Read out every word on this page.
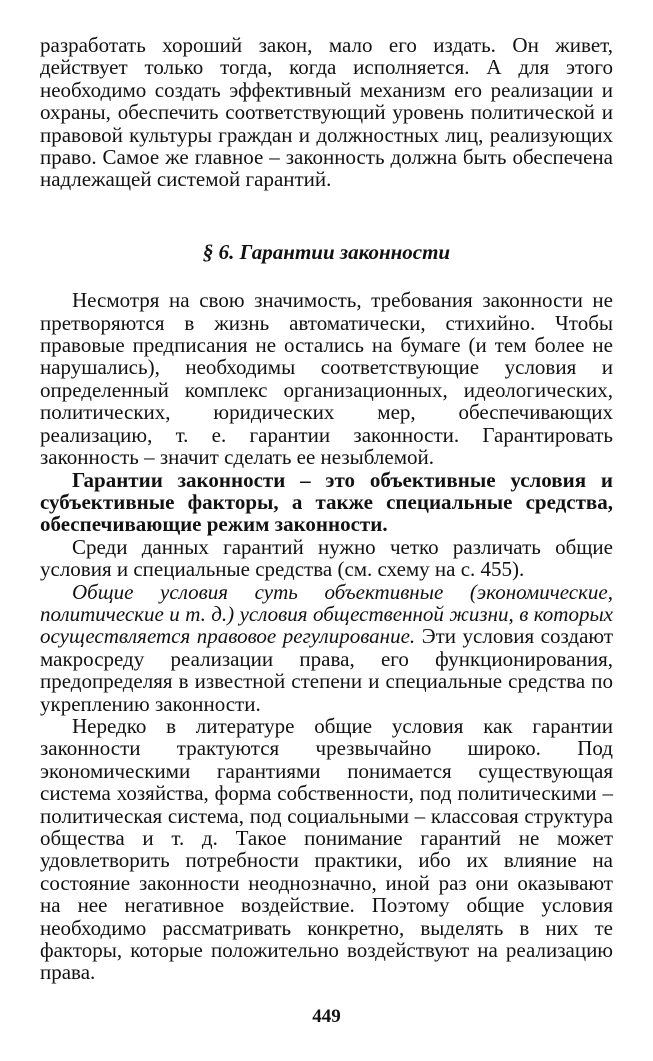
разработать хороший закон, мало его издать. Он живет, действует только тогда, когда исполняется. А для этого необходимо создать эффективный механизм его реализации и охраны, обеспечить соответствующий уровень политической и правовой культуры граждан и должностных лиц, реализующих право. Самое же главное – законность должна быть обеспечена надлежащей системой гарантий.

§ 6. Гарантии законности

Несмотря на свою значимость, требования законности не претворяются в жизнь автоматически, стихийно. Чтобы правовые предписания не остались на бумаге (и тем более не нарушались), необходимы соответствующие условия и определенный комплекс организационных, идеологических, политических, юридических мер, обеспечивающих реализацию, т. е. гарантии законности. Гарантировать законность – значит сделать ее незыблемой.

Гарантии законности – это объективные условия и субъективные факторы, а также специальные средства, обеспечивающие режим законности.

Среди данных гарантий нужно четко различать общие условия и специальные средства (см. схему на с. 455).

Общие условия суть объективные (экономические, политические и т. д.) условия общественной жизни, в которых осуществляется правовое регулирование. Эти условия создают макросреду реализации права, его функционирования, предопределяя в известной степени и специальные средства по укреплению законности.

Нередко в литературе общие условия как гарантии законности трактуются чрезвычайно широко. Под экономическими гарантиями понимается существующая система хозяйства, форма собственности, под политическими – политическая система, под социальными – классовая структура общества и т. д. Такое понимание гарантий не может удовлетворить потребности практики, ибо их влияние на состояние законности неоднозначно, иной раз они оказывают на нее негативное воздействие. Поэтому общие условия необходимо рассматривать конкретно, выделять в них те факторы, которые положительно воздействуют на реализацию права.

449
